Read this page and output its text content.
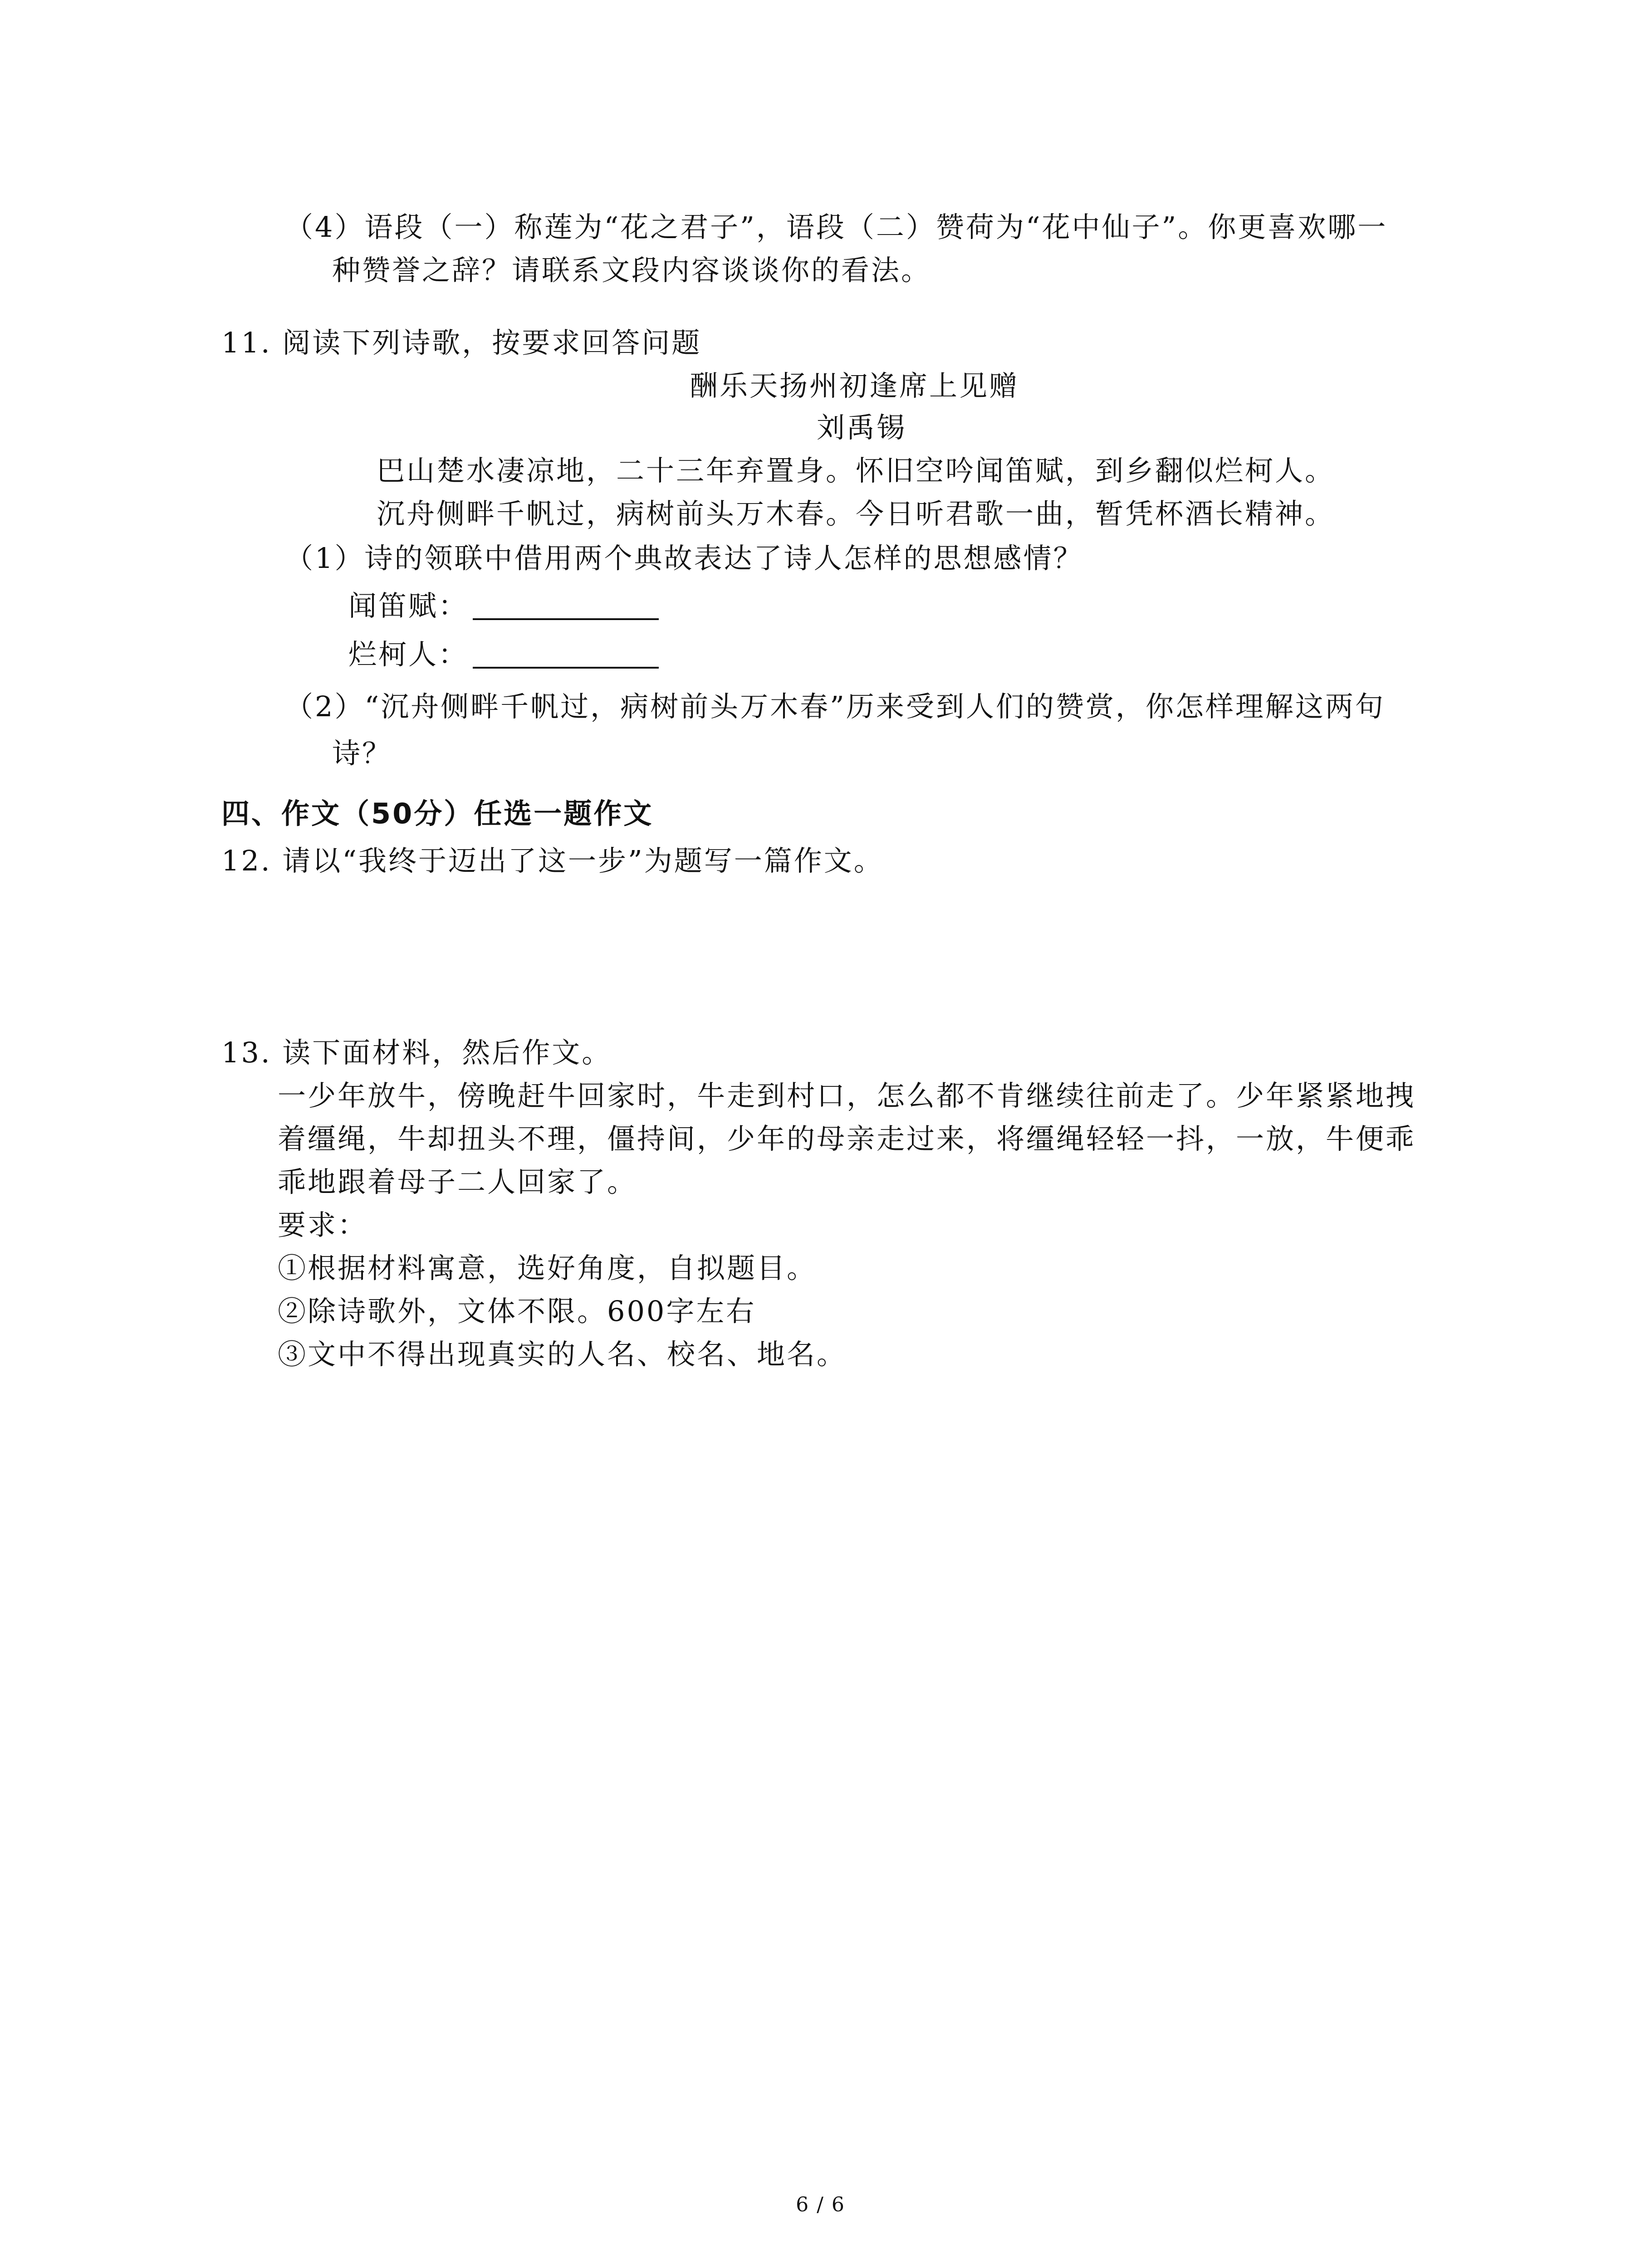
（4）语段（一）称莲为“花之君子”，语段（二）赞荷为“花中仙子”。你更喜欢哪一
种赞誉之辞？请联系文段内容谈谈你的看法。
11. 阅读下列诗歌，按要求回答问题
酬乐天扬州初逢席上见赠
刘禹锡
巴山楚水凄凉地，二十三年弃置身。怀旧空吟闻笛赋，到乡翻似烂柯人。
沉舟侧畔千帆过，病树前头万木春。今日听君歌一曲，暂凭杯酒长精神。
（1）诗的领联中借用两个典故表达了诗人怎样的思想感情？
闻笛赋：
烂柯人：
（2）“沉舟侧畔千帆过，病树前头万木春”历来受到人们的赞赏，你怎样理解这两句
诗？
四、作文（50分）任选一题作文
12. 请以“我终于迈出了这一步”为题写一篇作文。
13. 读下面材料，然后作文。
一少年放牛，傍晚赶牛回家时，牛走到村口，怎么都不肯继续往前走了。少年紧紧地拽
着缰绳，牛却扭头不理，僵持间，少年的母亲走过来，将缰绳轻轻一抖，一放，牛便乖
乖地跟着母子二人回家了。
要求：
①根据材料寓意，选好角度，自拟题目。
②除诗歌外，文体不限。600字左右
③文中不得出现真实的人名、校名、地名。
6 / 6
